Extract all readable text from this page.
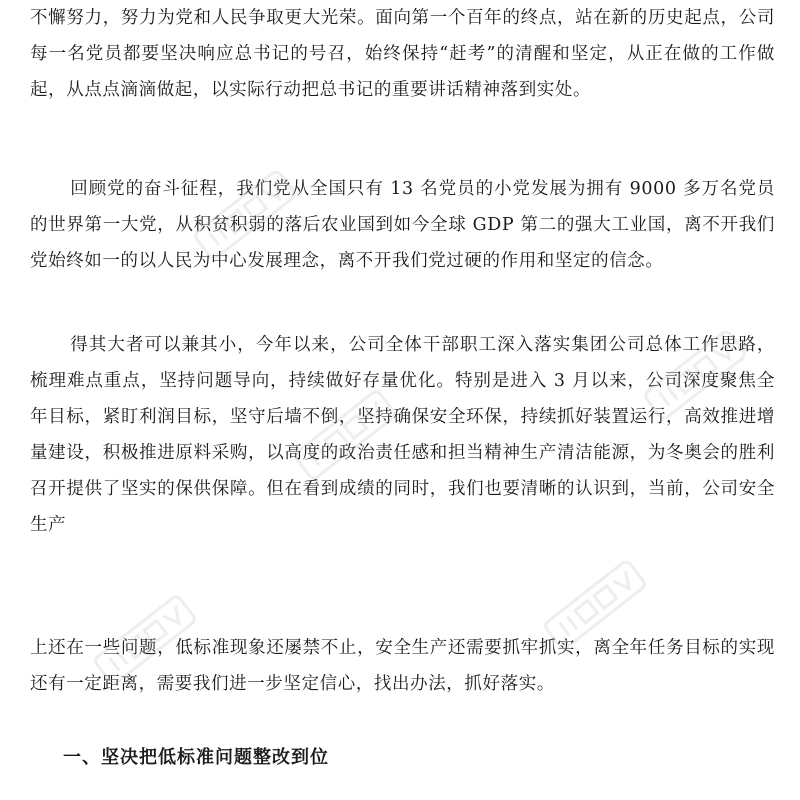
不懈努力，努力为党和人民争取更大光荣。面向第一个百年的终点，站在新的历史起点，公司每一名党员都要坚决响应总书记的号召，始终保持“赶考”的清醒和坚定，从正在做的工作做起，从点点滴滴做起，以实际行动把总书记的重要讲话精神落到实处。

回顾党的奋斗征程，我们党从全国只有 13 名党员的小党发展为拥有 9000 多万名党员的世界第一大党，从积贫积弱的落后农业国到如今全球 GDP 第二的强大工业国，离不开我们党始终如一的以人民为中心发展理念，离不开我们党过硬的作用和坚定的信念。

得其大者可以兼其小，今年以来，公司全体干部职工深入落实集团公司总体工作思路，梳理难点重点，坚持问题导向，持续做好存量优化。特别是进入 3 月以来，公司深度聚焦全年目标，紧盯利润目标，坚守后墙不倒，坚持确保安全环保，持续抓好装置运行，高效推进增量建设，积极推进原料采购，以高度的政治责任感和担当精神生产清洁能源，为冬奥会的胜利召开提供了坚实的保供保障。但在看到成绩的同时，我们也要清晰的认识到，当前，公司安全生产

上还在一些问题，低标准现象还屡禁不止，安全生产还需要抓牢抓实，离全年任务目标的实现还有一定距离，需要我们进一步坚定信心，找出办法，抓好落实。

一、坚决把低标准问题整改到位
